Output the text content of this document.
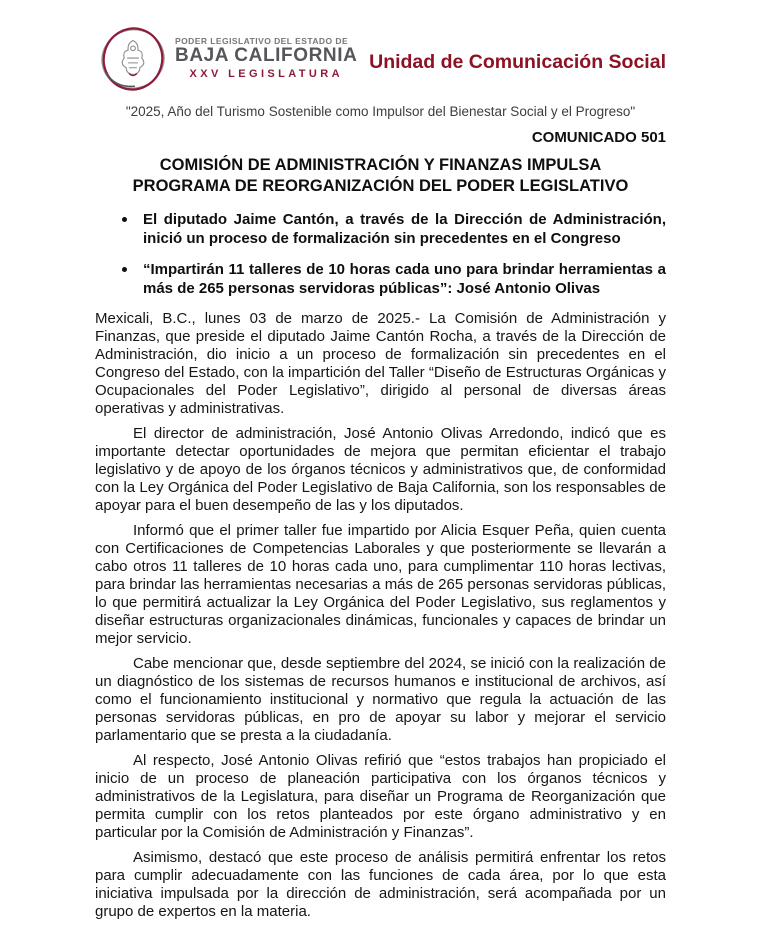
PODER LEGISLATIVO DEL ESTADO DE
BAJA CALIFORNIA
XXV LEGISLATURA
Unidad de Comunicación Social
"2025, Año del Turismo Sostenible como Impulsor del Bienestar Social y el Progreso"
COMUNICADO 501
COMISIÓN DE ADMINISTRACIÓN Y FINANZAS IMPULSA
PROGRAMA DE REORGANIZACIÓN DEL PODER LEGISLATIVO
El diputado Jaime Cantón, a través de la Dirección de Administración, inició un proceso de formalización sin precedentes en el Congreso
“Impartirán 11 talleres de 10 horas cada uno para brindar herramientas a más de 265 personas servidoras públicas”: José Antonio Olivas

Mexicali, B.C., lunes 03 de marzo de 2025.- La Comisión de Administración y Finanzas, que preside el diputado Jaime Cantón Rocha, a través de la Dirección de Administración, dio inicio a un proceso de formalización sin precedentes en el Congreso del Estado, con la impartición del Taller “Diseño de Estructuras Orgánicas y Ocupacionales del Poder Legislativo”, dirigido al personal de diversas áreas operativas y administrativas.

El director de administración, José Antonio Olivas Arredondo, indicó que es importante detectar oportunidades de mejora que permitan eficientar el trabajo legislativo y de apoyo de los órganos técnicos y administrativos que, de conformidad con la Ley Orgánica del Poder Legislativo de Baja California, son los responsables de apoyar para el buen desempeño de las y los diputados.

Informó que el primer taller fue impartido por Alicia Esquer Peña, quien cuenta con Certificaciones de Competencias Laborales y que posteriormente se llevarán a cabo otros 11 talleres de 10 horas cada uno, para cumplimentar 110 horas lectivas, para brindar las herramientas necesarias a más de 265 personas servidoras públicas, lo que permitirá actualizar la Ley Orgánica del Poder Legislativo, sus reglamentos y diseñar estructuras organizacionales dinámicas, funcionales y capaces de brindar un mejor servicio.

Cabe mencionar que, desde septiembre del 2024, se inició con la realización de un diagnóstico de los sistemas de recursos humanos e institucional de archivos, así como el funcionamiento institucional y normativo que regula la actuación de las personas servidoras públicas, en pro de apoyar su labor y mejorar el servicio parlamentario que se presta a la ciudadanía.

Al respecto, José Antonio Olivas refirió que “estos trabajos han propiciado el inicio de un proceso de planeación participativa con los órganos técnicos y administrativos de la Legislatura, para diseñar un Programa de Reorganización que permita cumplir con los retos planteados por este órgano administrativo y en particular por la Comisión de Administración y Finanzas”.

Asimismo, destacó que este proceso de análisis permitirá enfrentar los retos para cumplir adecuadamente con las funciones de cada área, por lo que esta iniciativa impulsada por la dirección de administración, será acompañada por un grupo de expertos en la materia.
